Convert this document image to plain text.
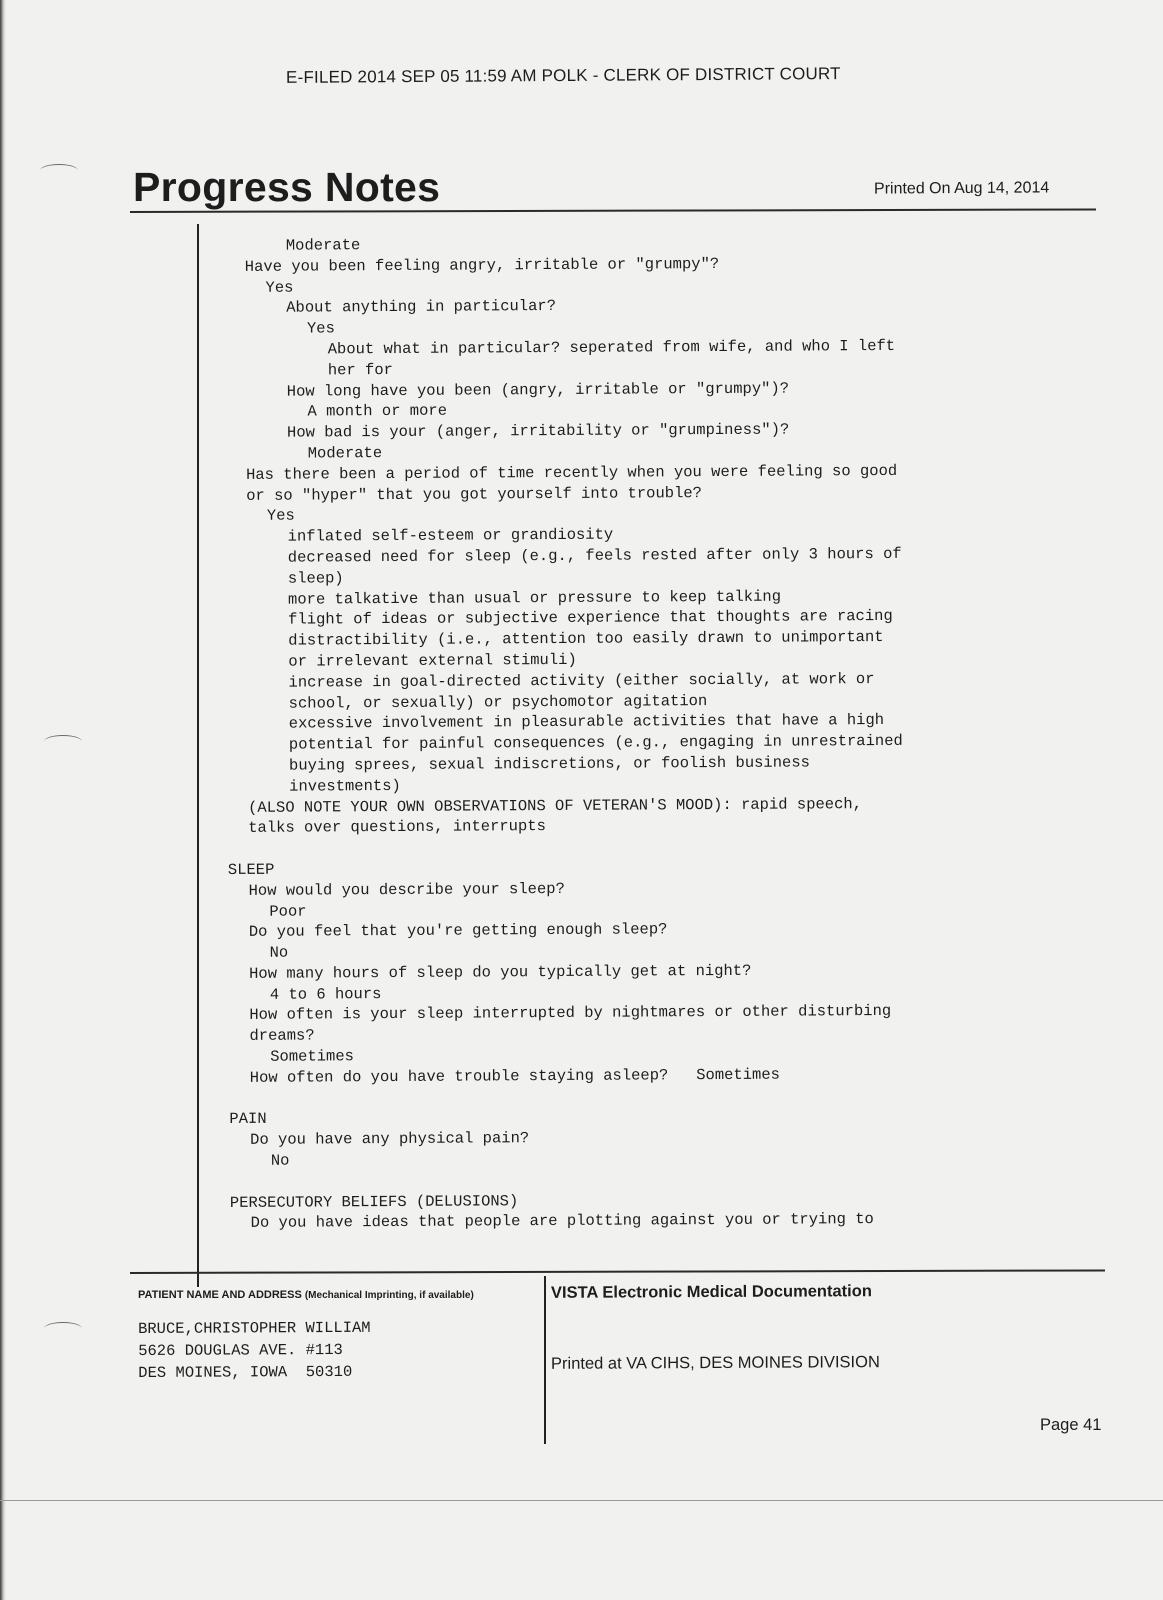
E-FILED 2014 SEP 05 11:59 AM POLK - CLERK OF DISTRICT COURT
Progress Notes	Printed On Aug 14, 2014
Moderate
Have you been feeling angry, irritable or "grumpy"?
Yes
About anything in particular?
Yes
About what in particular? seperated from wife, and who I left
her for
How long have you been (angry, irritable or "grumpy")?
A month or more
How bad is your (anger, irritability or "grumpiness")?
Moderate
Has there been a period of time recently when you were feeling so good
or so "hyper" that you got yourself into trouble?
Yes
inflated self-esteem or grandiosity
decreased need for sleep (e.g., feels rested after only 3 hours of
sleep)
more talkative than usual or pressure to keep talking
flight of ideas or subjective experience that thoughts are racing
distractibility (i.e., attention too easily drawn to unimportant
or irrelevant external stimuli)
increase in goal-directed activity (either socially, at work or
school, or sexually) or psychomotor agitation
excessive involvement in pleasurable activities that have a high
potential for painful consequences (e.g., engaging in unrestrained
buying sprees, sexual indiscretions, or foolish business
investments)
(ALSO NOTE YOUR OWN OBSERVATIONS OF VETERAN'S MOOD): rapid speech,
talks over questions, interrupts
SLEEP
How would you describe your sleep?
Poor
Do you feel that you're getting enough sleep?
No
How many hours of sleep do you typically get at night?
4 to 6 hours
How often is your sleep interrupted by nightmares or other disturbing
dreams?
Sometimes
How often do you have trouble staying asleep?   Sometimes
PAIN
Do you have any physical pain?
No
PERSECUTORY BELIEFS (DELUSIONS)
Do you have ideas that people are plotting against you or trying to
PATIENT NAME AND ADDRESS (Mechanical Imprinting, if available)
BRUCE,CHRISTOPHER WILLIAM
5626 DOUGLAS AVE. #113
DES MOINES, IOWA  50310
VISTA Electronic Medical Documentation
Printed at VA CIHS, DES MOINES DIVISION
Page 41
